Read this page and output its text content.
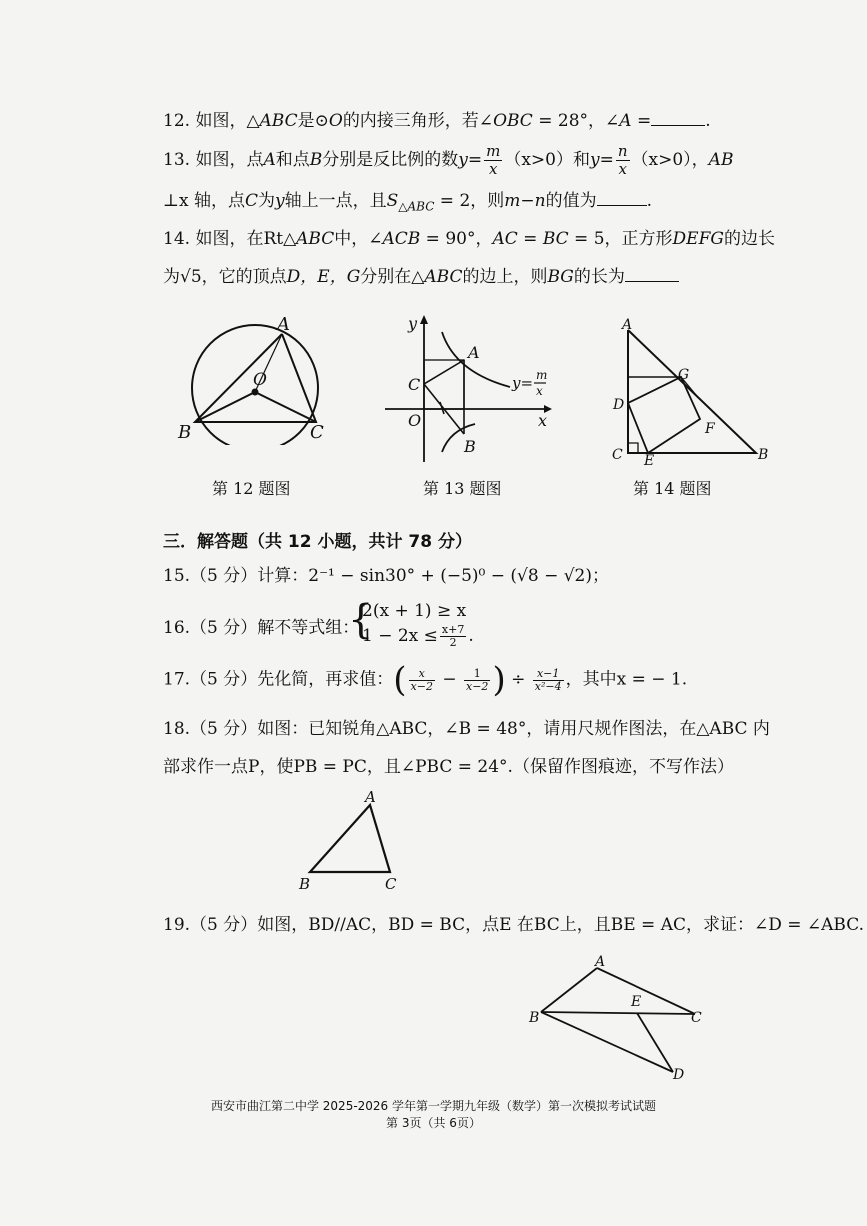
12. 如图，△ABC是⊙O的内接三角形，若∠OBC = 28°，∠A =	.
13. 如图，点A和点B分别是反比例的数$y= \frac{m}{x} (x>0)$和$y= \frac{n}{x} (x>0)$，AB
⊥x 轴，点C为y轴上一点，且$S_{\triangle ABC} = 2$，则m−n的值为	.
14. 如图，在Rt△ABC中，∠ACB = 90°，AC = BC = 5，正方形DEFG的边长
为√5，它的顶点D，E，G分别在△ABC的边上，则BG的长为
A
B	C
O
y
x
A
B
C
O
y= m
x
A
B
C
D
E
F
G
第 12 题图	第 13 题图	第 14 题图
三．解答题（共 12 小题，共计 78 分）
15.（5 分）计算：2⁻¹ − sin30° + (−5)⁰ − (√8 − √2)；
16.（5 分）解不等式组：
{
2(x + 1) ≥ x
$1 - 2x \le \frac{x+7}{2}$ .
17.（5 分）先化简，再求值：( $\frac{x}{x-2} - \frac{1}{x-2}$ ) ÷ $\frac{x-1}{\text{x²−4}}$ ，其中x = − 1.
18.（5 分）如图：已知锐角△ABC，∠B = 48°，请用尺规作图法，在△ABC 内
部求作一点P，使PB = PC，且∠PBC = 24°.（保留作图痕迹，不写作法）
A
B	C
19.（5 分）如图，BD//AC，BD = BC，点E 在BC上，且BE = AC，求证：∠D = ∠ABC.
A
B	C
D
E
西安市曲江第二中学 2025-2026 学年第一学期九年级（数学）第一次模拟考试试题
第 3页（共 6页）
